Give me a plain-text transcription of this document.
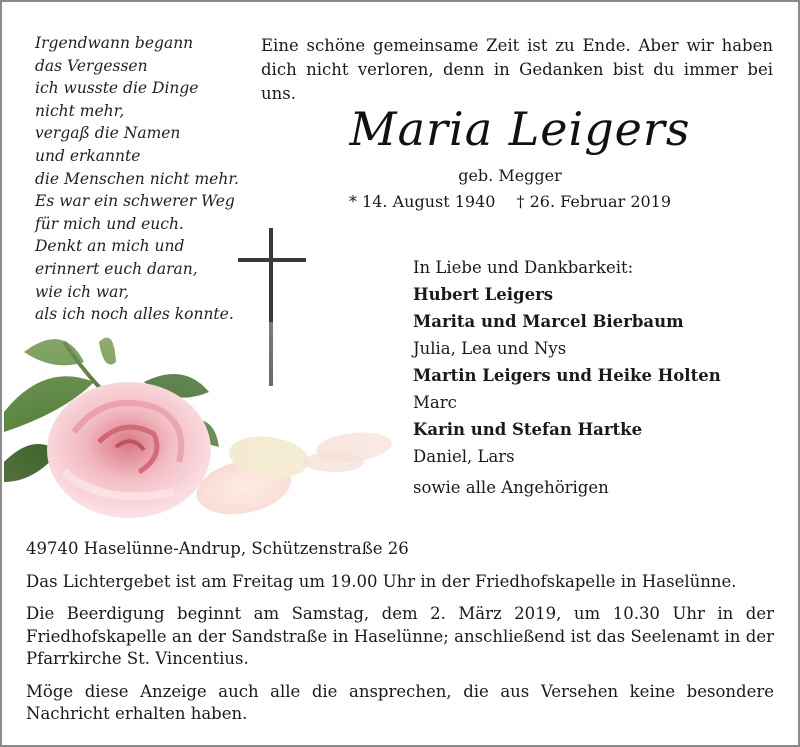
Irgendwann begann
das Vergessen
ich wusste die Dinge
nicht mehr,
vergaß die Namen
und erkannte
die Menschen nicht mehr.
Es war ein schwerer Weg
für mich und euch.
Denkt an mich und
erinnert euch daran,
wie ich war,
als ich noch alles konnte.

Eine schöne gemeinsame Zeit ist zu Ende. Aber wir haben dich nicht verloren, denn in Gedanken bist du immer bei uns.

Maria Leigers
geb. Megger
* 14. August 1940 † 26. Februar 2019
In Liebe und Dankbarkeit:
Hubert Leigers
Marita und Marcel Bierbaum
Julia, Lea und Nys
Martin Leigers und Heike Holten
Marc
Karin und Stefan Hartke
Daniel, Lars
sowie alle Angehörigen

49740 Haselünne-Andrup, Schützenstraße 26

Das Lichtergebet ist am Freitag um 19.00 Uhr in der Friedhofskapelle in Haselünne.

Die Beerdigung beginnt am Samstag, dem 2. März 2019, um 10.30 Uhr in der Friedhofskapelle an der Sandstraße in Haselünne; anschließend ist das Seelenamt in der Pfarrkirche St. Vincentius.

Möge diese Anzeige auch alle die ansprechen, die aus Versehen keine besondere Nachricht erhalten haben.
